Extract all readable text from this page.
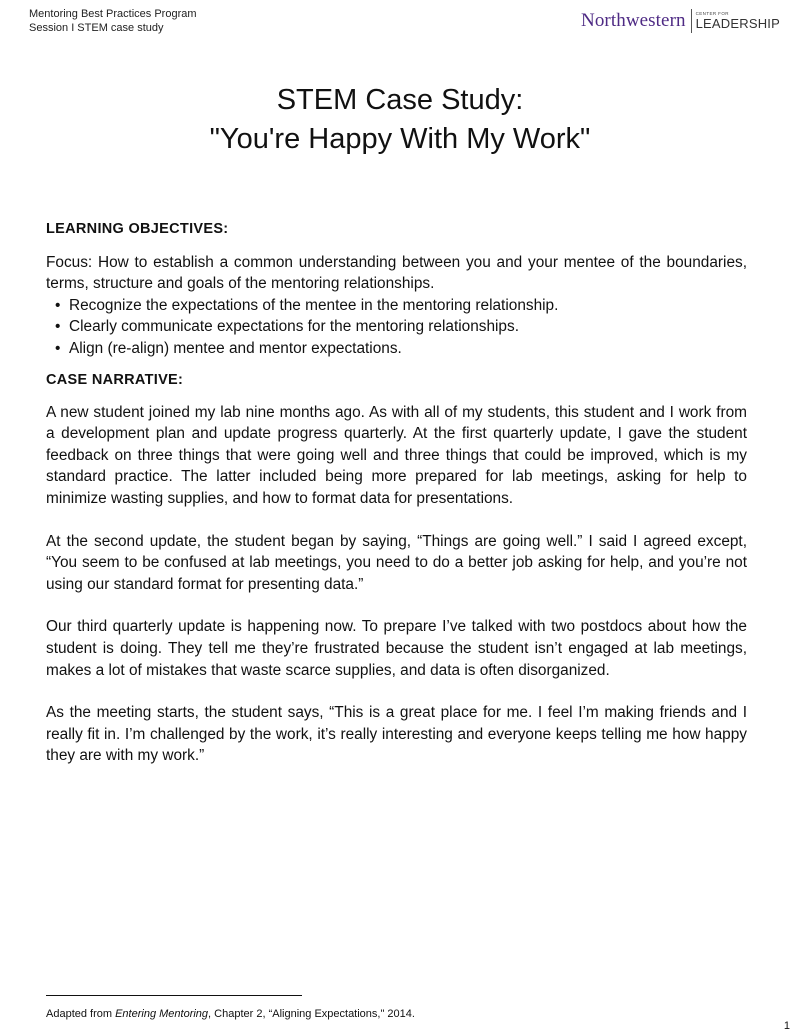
Mentoring Best Practices Program
Session I STEM case study	Northwestern CENTER FOR
LEADERSHIP
STEM Case Study:
"You're Happy With My Work"
LEARNING OBJECTIVES:

Focus: How to establish a common understanding between you and your mentee of the boundaries, terms, structure and goals of the mentoring relationships.

• Recognize the expectations of the mentee in the mentoring relationship.
• Clearly communicate expectations for the mentoring relationships.
• Align (re-align) mentee and mentor expectations.
CASE NARRATIVE:

A new student joined my lab nine months ago. As with all of my students, this student and I work from a development plan and update progress quarterly. At the first quarterly update, I gave the student feedback on three things that were going well and three things that could be improved, which is my standard practice. The latter included being more prepared for lab meetings, asking for help to minimize wasting supplies, and how to format data for presentations.

At the second update, the student began by saying, “Things are going well.” I said I agreed except, “You seem to be confused at lab meetings, you need to do a better job asking for help, and you’re not using our standard format for presenting data.”

Our third quarterly update is happening now. To prepare I’ve talked with two postdocs about how the student is doing. They tell me they’re frustrated because the student isn’t engaged at lab meetings, makes a lot of mistakes that waste scarce supplies, and data is often disorganized.

As the meeting starts, the student says, “This is a great place for me. I feel I’m making friends and I really fit in. I’m challenged by the work, it’s really interesting and everyone keeps telling me how happy they are with my work.”

Adapted from Entering Mentoring, Chapter 2, “Aligning Expectations," 2014.
1
